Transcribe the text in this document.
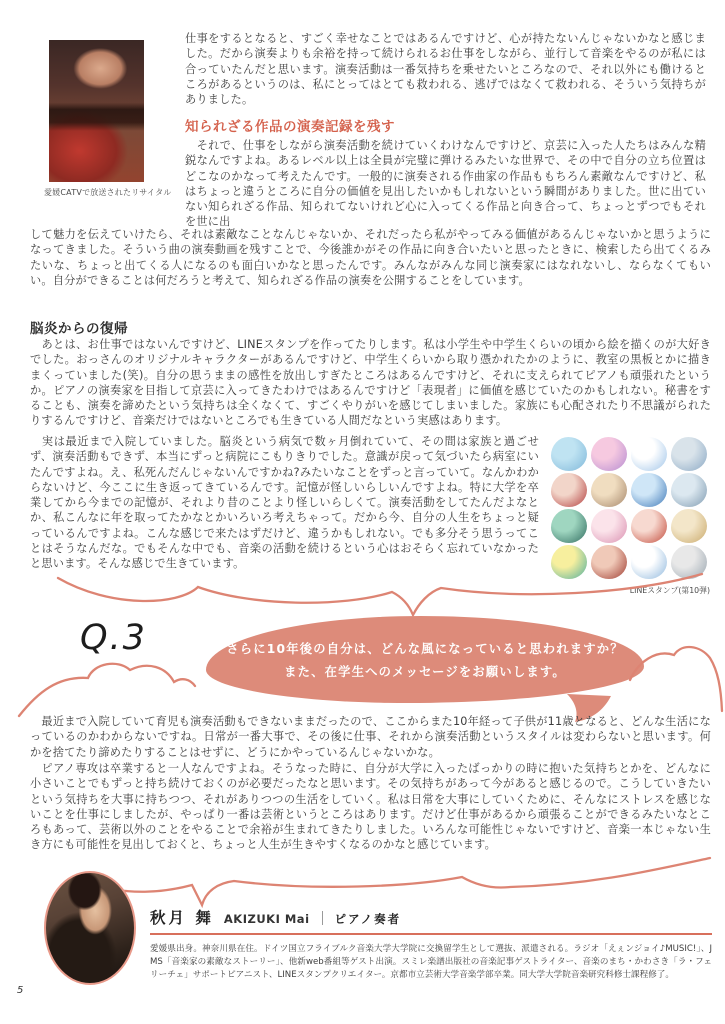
愛媛CATVで放送されたリサイタル
仕事をするとなると、すごく幸せなことではあるんですけど、心が持たないんじゃないかなと感じました。だから演奏よりも余裕を持って続けられるお仕事をしながら、並行して音楽をやるのが私には合っていたんだと思います。演奏活動は一番気持ちを乗せたいところなので、それ以外にも働けるところがあるというのは、私にとってはとても救われる、逃げではなくて救われる、そういう気持ちがありました。
知られざる作品の演奏記録を残す
　それで、仕事をしながら演奏活動を続けていくわけなんですけど、京芸に入った人たちはみんな精鋭なんですよね。あるレベル以上は全員が完璧に弾けるみたいな世界で、その中で自分の立ち位置はどこなのかなって考えたんです。一般的に演奏される作曲家の作品ももちろん素敵なんですけど、私はちょっと違うところに自分の価値を見出したいかもしれないという瞬間がありました。世に出ていない知られざる作品、知られてないけれど心に入ってくる作品と向き合って、ちょっとずつでもそれを世に出
して魅力を伝えていけたら、それは素敵なことなんじゃないか、それだったら私がやってみる価値があるんじゃないかと思うようになってきました。そういう曲の演奏動画を残すことで、今後誰かがその作品に向き合いたいと思ったときに、検索したら出てくるみたいな、ちょっと出てくる人になるのも面白いかなと思ったんです。みんながみんな同じ演奏家にはなれないし、ならなくてもいい。自分ができることは何だろうと考えて、知られざる作品の演奏を公開することをしています。
脳炎からの復帰
　あとは、お仕事ではないんですけど、LINEスタンプを作ってたりします。私は小学生や中学生くらいの頃から絵を描くのが大好きでした。おっさんのオリジナルキャラクターがあるんですけど、中学生くらいから取り憑かれたかのように、教室の黒板とかに描きまくっていました(笑)。自分の思うままの感性を放出しすぎたところはあるんですけど、それに支えられてピアノも頑張れたというか。ピアノの演奏家を目指して京芸に入ってきたわけではあるんですけど「表現者」に価値を感じていたのかもしれない。秘書をすることも、演奏を諦めたという気持ちは全くなくて、すごくやりがいを感じてしまいました。家族にも心配されたり不思議がられたりするんですけど、音楽だけではないところでも生きている人間だなという実感はあります。
　実は最近まで入院していました。脳炎という病気で数ヶ月倒れていて、その間は家族と過ごせず、演奏活動もできず、本当にずっと病院にこもりきりでした。意識が戻って気づいたら病室にいたんですよね。え、私死んだんじゃないんですかね?みたいなことをずっと言っていて。なんかわからないけど、今ここに生き返ってきているんです。記憶が怪しいらしいんですよね。特に大学を卒業してから今までの記憶が、それより昔のことより怪しいらしくて。演奏活動をしてたんだよなとか、私こんなに年を取ってたかなとかいろいろ考えちゃって。だから今、自分の人生をちょっと疑っているんですよね。こんな感じで来たはずだけど、違うかもしれない。でも多分そう思うってことはそうなんだな。でもそんな中でも、音楽の活動を続けるという心はおそらく忘れていなかったと思います。そんな感じで生きています。
LINEスタンプ(第10弾)
Q.3	さらに10年後の自分は、どんな風になっていると思われますか？
また、在学生へのメッセージをお願いします。
　最近まで入院していて育児も演奏活動もできないままだったので、ここからまた10年経って子供が11歳となると、どんな生活になっているのかわからないですね。日常が一番大事で、その後に仕事、それから演奏活動というスタイルは変わらないと思います。何かを捨てたり諦めたりすることはせずに、どうにかやっているんじゃないかな。
　ピアノ専攻は卒業すると一人なんですよね。そうなった時に、自分が大学に入ったばっかりの時に抱いた気持ちとかを、どんなに小さいことでもずっと持ち続けておくのが必要だったなと思います。その気持ちがあって今があると感じるので。こうしていきたいという気持ちを大事に持ちつつ、それがありつつの生活をしていく。私は日常を大事にしていくために、そんなにストレスを感じないことを仕事にしましたが、やっぱり一番は芸術というところはあります。だけど仕事があるから頑張ることができるみたいなところもあって、芸術以外のことをやることで余裕が生まれてきたりしました。いろんな可能性じゃないですけど、音楽一本じゃない生き方にも可能性を見出しておくと、ちょっと人生が生きやすくなるのかなと感じています。
秋月 舞 AKIZUKI Mai ピアノ奏者
愛媛県出身。神奈川県在住。ドイツ国立フライブルク音楽大学大学院に交換留学生として選抜、派遣される。ラジオ「えぇンジョイ♪MUSIC!」、JMS「音楽家の素敵なストーリー」、他新web番組等ゲスト出演。スミレ楽譜出版社の音楽記事ゲストライター、音楽のまち・かわさき「ラ・フェリーチェ」サポートピアニスト、LINEスタンプクリエイター。京都市立芸術大学音楽学部卒業。同大学大学院音楽研究科修士課程修了。
5
